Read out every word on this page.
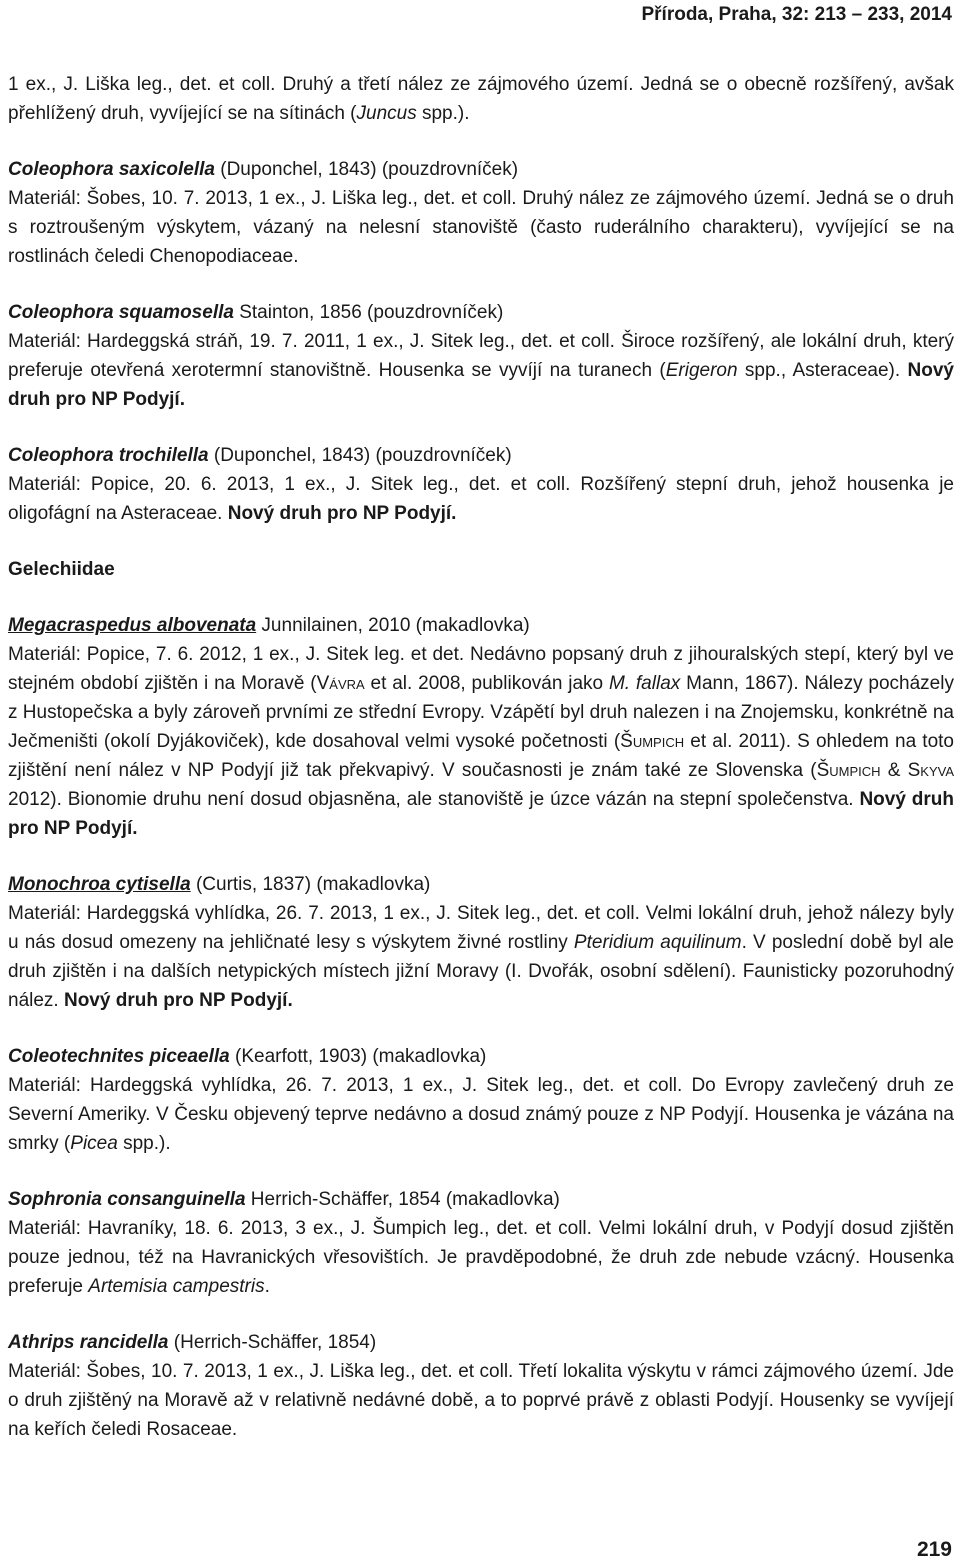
Příroda, Praha, 32: 213 – 233, 2014

1 ex., J. Liška leg., det. et coll. Druhý a třetí nález ze zájmového území. Jedná se o obecně rozšířený, avšak přehlížený druh, vyvíjející se na sítinách (Juncus spp.).

Coleophora saxicolella (Duponchel, 1843) (pouzdrovníček)
Materiál: Šobes, 10. 7. 2013, 1 ex., J. Liška leg., det. et coll. Druhý nález ze zájmového území. Jedná se o druh s roztroušeným výskytem, vázaný na nelesní stanoviště (často ruderálního charakteru), vyvíjející se na rostlinách čeledi Chenopodiaceae.

Coleophora squamosella Stainton, 1856 (pouzdrovníček)
Materiál: Hardeggská stráň, 19. 7. 2011, 1 ex., J. Sitek leg., det. et coll. Široce rozšířený, ale lokální druh, který preferuje otevřená xerotermní stanovištně. Housenka se vyvíjí na turanech (Erigeron spp., Asteraceae). Nový druh pro NP Podyjí.

Coleophora trochilella (Duponchel, 1843) (pouzdrovníček)
Materiál: Popice, 20. 6. 2013, 1 ex., J. Sitek leg., det. et coll. Rozšířený stepní druh, jehož housenka je oligofágní na Asteraceae. Nový druh pro NP Podyjí.

Gelechiidae

Megacraspedus albovenata Junnilainen, 2010 (makadlovka)
Materiál: Popice, 7. 6. 2012, 1 ex., J. Sitek leg. et det. Nedávno popsaný druh z jihouralských stepí, který byl ve stejném období zjištěn i na Moravě (Vávra et al. 2008, publikován jako M. fallax Mann, 1867). Nálezy pocházely z Hustopečska a byly zároveň prvními ze střední Evropy. Vzápětí byl druh nalezen i na Znojemsku, konkrétně na Ječmeništi (okolí Dyjákoviček), kde dosahoval velmi vysoké početnosti (Šumpich et al. 2011). S ohledem na toto zjištění není nález v NP Podyjí již tak překvapivý. V současnosti je znám také ze Slovenska (Šumpich & Skyva 2012). Bionomie druhu není dosud objasněna, ale stanoviště je úzce vázán na stepní společenstva. Nový druh pro NP Podyjí.

Monochroa cytisella (Curtis, 1837) (makadlovka)
Materiál: Hardeggská vyhlídka, 26. 7. 2013, 1 ex., J. Sitek leg., det. et coll. Velmi lokální druh, jehož nálezy byly u nás dosud omezeny na jehličnaté lesy s výskytem živné rostliny Pteridium aquilinum. V poslední době byl ale druh zjištěn i na dalších netypických místech jižní Moravy (I. Dvořák, osobní sdělení). Faunisticky pozoruhodný nález. Nový druh pro NP Podyjí.

Coleotechnites piceaella (Kearfott, 1903) (makadlovka)
Materiál: Hardeggská vyhlídka, 26. 7. 2013, 1 ex., J. Sitek leg., det. et coll. Do Evropy zavlečený druh ze Severní Ameriky. V Česku objevený teprve nedávno a dosud známý pouze z NP Podyjí. Housenka je vázána na smrky (Picea spp.).

Sophronia consanguinella Herrich-Schäffer, 1854 (makadlovka)
Materiál: Havraníky, 18. 6. 2013, 3 ex., J. Šumpich leg., det. et coll. Velmi lokální druh, v Podyjí dosud zjištěn pouze jednou, též na Havranických vřesovištích. Je pravděpodobné, že druh zde nebude vzácný. Housenka preferuje Artemisia campestris.

Athrips rancidella (Herrich-Schäffer, 1854)
Materiál: Šobes, 10. 7. 2013, 1 ex., J. Liška leg., det. et coll. Třetí lokalita výskytu v rámci zájmového území. Jde o druh zjištěný na Moravě až v relativně nedávné době, a to poprvé právě z oblasti Podyjí. Housenky se vyvíjejí na keřích čeledi Rosaceae.

219
